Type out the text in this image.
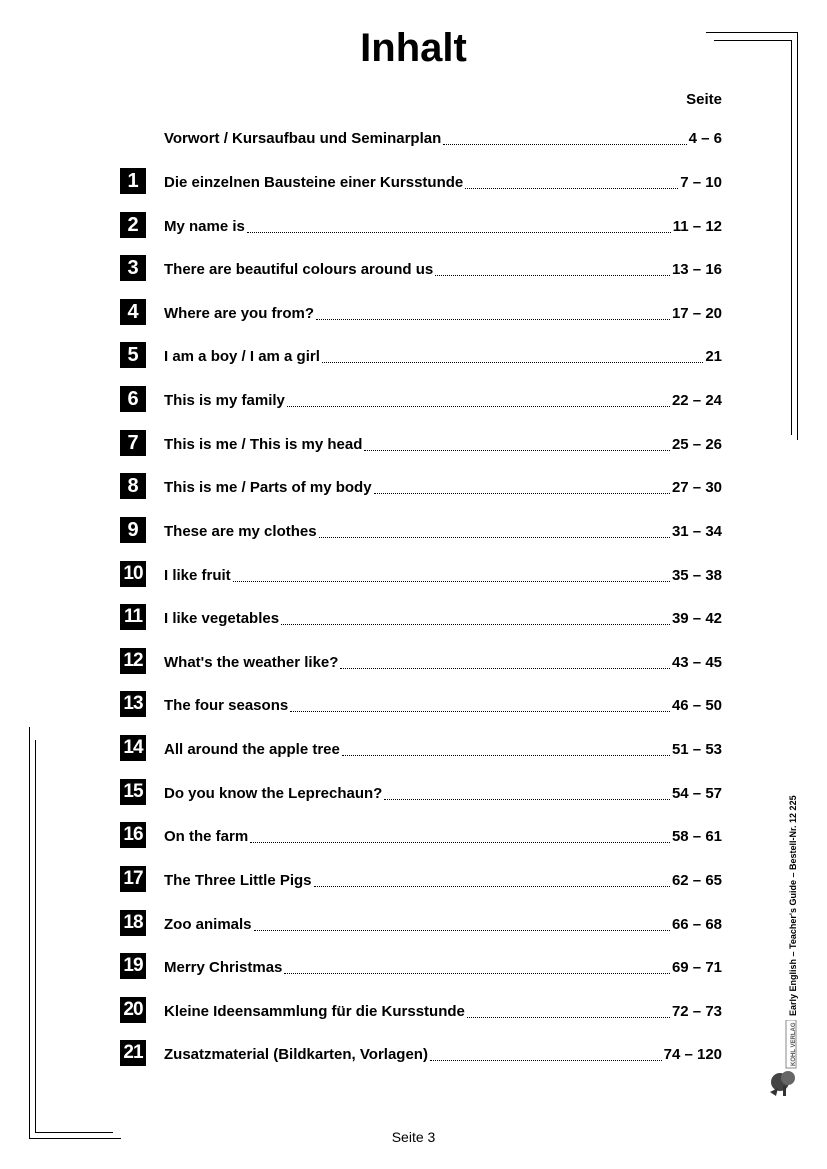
Inhalt
Seite
Vorwort / Kursaufbau und Seminarplan	4 – 6
1	Die einzelnen Bausteine einer Kursstunde	7 – 10
2	My name is	11 – 12
3	There are beautiful colours around us	13 – 16
4	Where are you from?	17 – 20
5	I am a boy / I am a girl	21
6	This is my family	22 – 24
7	This is me / This is my head	25 – 26
8	This is me / Parts of my body	27 – 30
9	These are my clothes	31 – 34
10 I like fruit	35 – 38
11 I like vegetables	39 – 42
12 What's the weather like?	43 – 45
13 The four seasons	46 – 50
14 All around the apple tree	51 – 53
15 Do you know the Leprechaun?	54 – 57
16 On the farm	58 – 61
17 The Three Little Pigs	62 – 65
18 Zoo animals	66 – 68
19 Merry Christmas	69 – 71
20 Kleine Ideensammlung für die Kursstunde	72 – 73
21 Zusatzmaterial (Bildkarten, Vorlagen)	74 – 120
Early English – Teacher's Guide – Bestell-Nr. 12 225
KOHL VERLAG
Seite 3
